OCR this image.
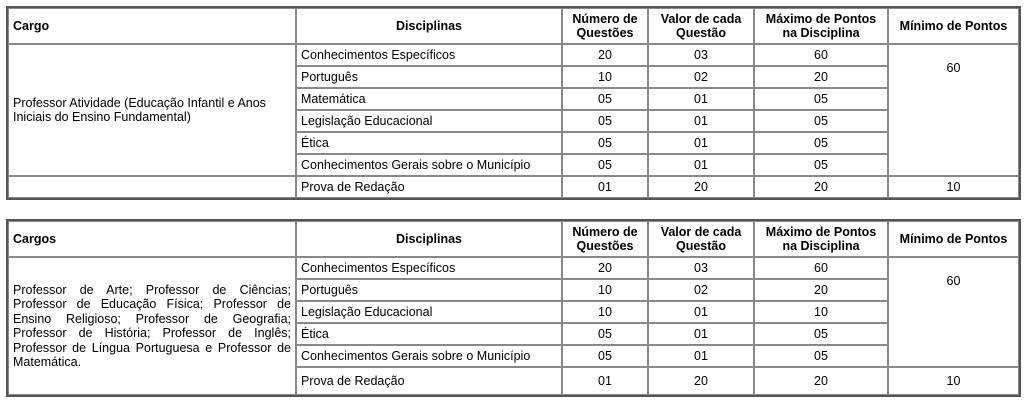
Cargo	Disciplinas	Número de Questões	Valor de cada Questão	Máximo de Pontos na Disciplina	Mínimo de Pontos
Professor Atividade (Educação Infantil e Anos Iniciais do Ensino Fundamental)	Conhecimentos Específicos	20	03	60	60
	Português	10	02	20	
	Matemática	05	01	05	
	Legislação Educacional	05	01	05	
	Ética	05	01	05	
	Conhecimentos Gerais sobre o Município	05	01	05	
	Prova de Redação	01	20	20	10
Cargos	Disciplinas	Número de Questões	Valor de cada Questão	Máximo de Pontos na Disciplina	Mínimo de Pontos
Professor de Arte; Professor de Ciências; Professor de Educação Física; Professor de Ensino Religioso; Professor de Geografia; Professor de História; Professor de Inglês; Professor de Língua Portuguesa e Professor de Matemática.	Conhecimentos Específicos	20	03	60	60
	Português	10	02	20	
	Legislação Educacional	10	01	10	
	Ética	05	01	05	
	Conhecimentos Gerais sobre o Município	05	01	05	
	Prova de Redação	01	20	20	10
